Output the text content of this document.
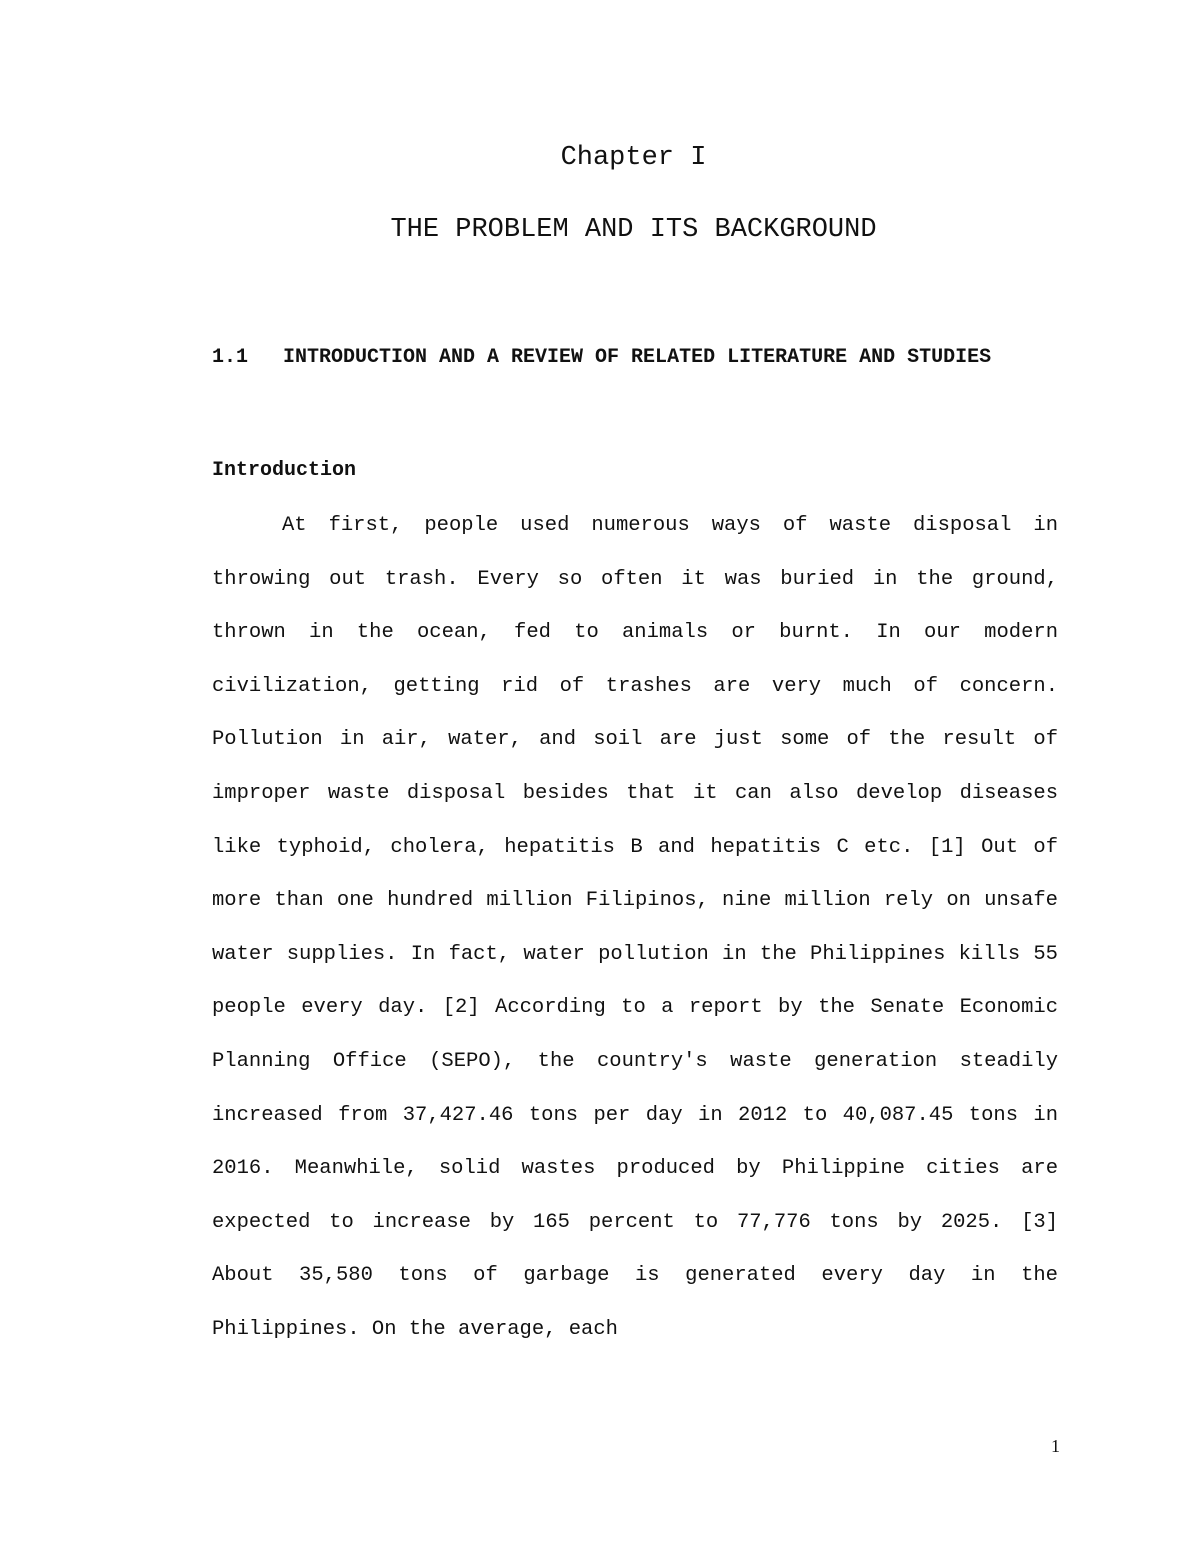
Chapter I
THE PROBLEM AND ITS BACKGROUND
1.1 INTRODUCTION AND A REVIEW OF RELATED LITERATURE AND STUDIES
Introduction

At first, people used numerous ways of waste disposal in throwing out trash. Every so often it was buried in the ground, thrown in the ocean, fed to animals or burnt. In our modern civilization, getting rid of trashes are very much of concern. Pollution in air, water, and soil are just some of the result of improper waste disposal besides that it can also develop diseases like typhoid, cholera, hepatitis B and hepatitis C etc. [1] Out of more than one hundred million Filipinos, nine million rely on unsafe water supplies. In fact, water pollution in the Philippines kills 55 people every day. [2] According to a report by the Senate Economic Planning Office (SEPO), the country's waste generation steadily increased from 37,427.46 tons per day in 2012 to 40,087.45 tons in 2016. Meanwhile, solid wastes produced by Philippine cities are expected to increase by 165 percent to 77,776 tons by 2025. [3] About 35,580 tons of garbage is generated every day in the Philippines. On the average, each

1
